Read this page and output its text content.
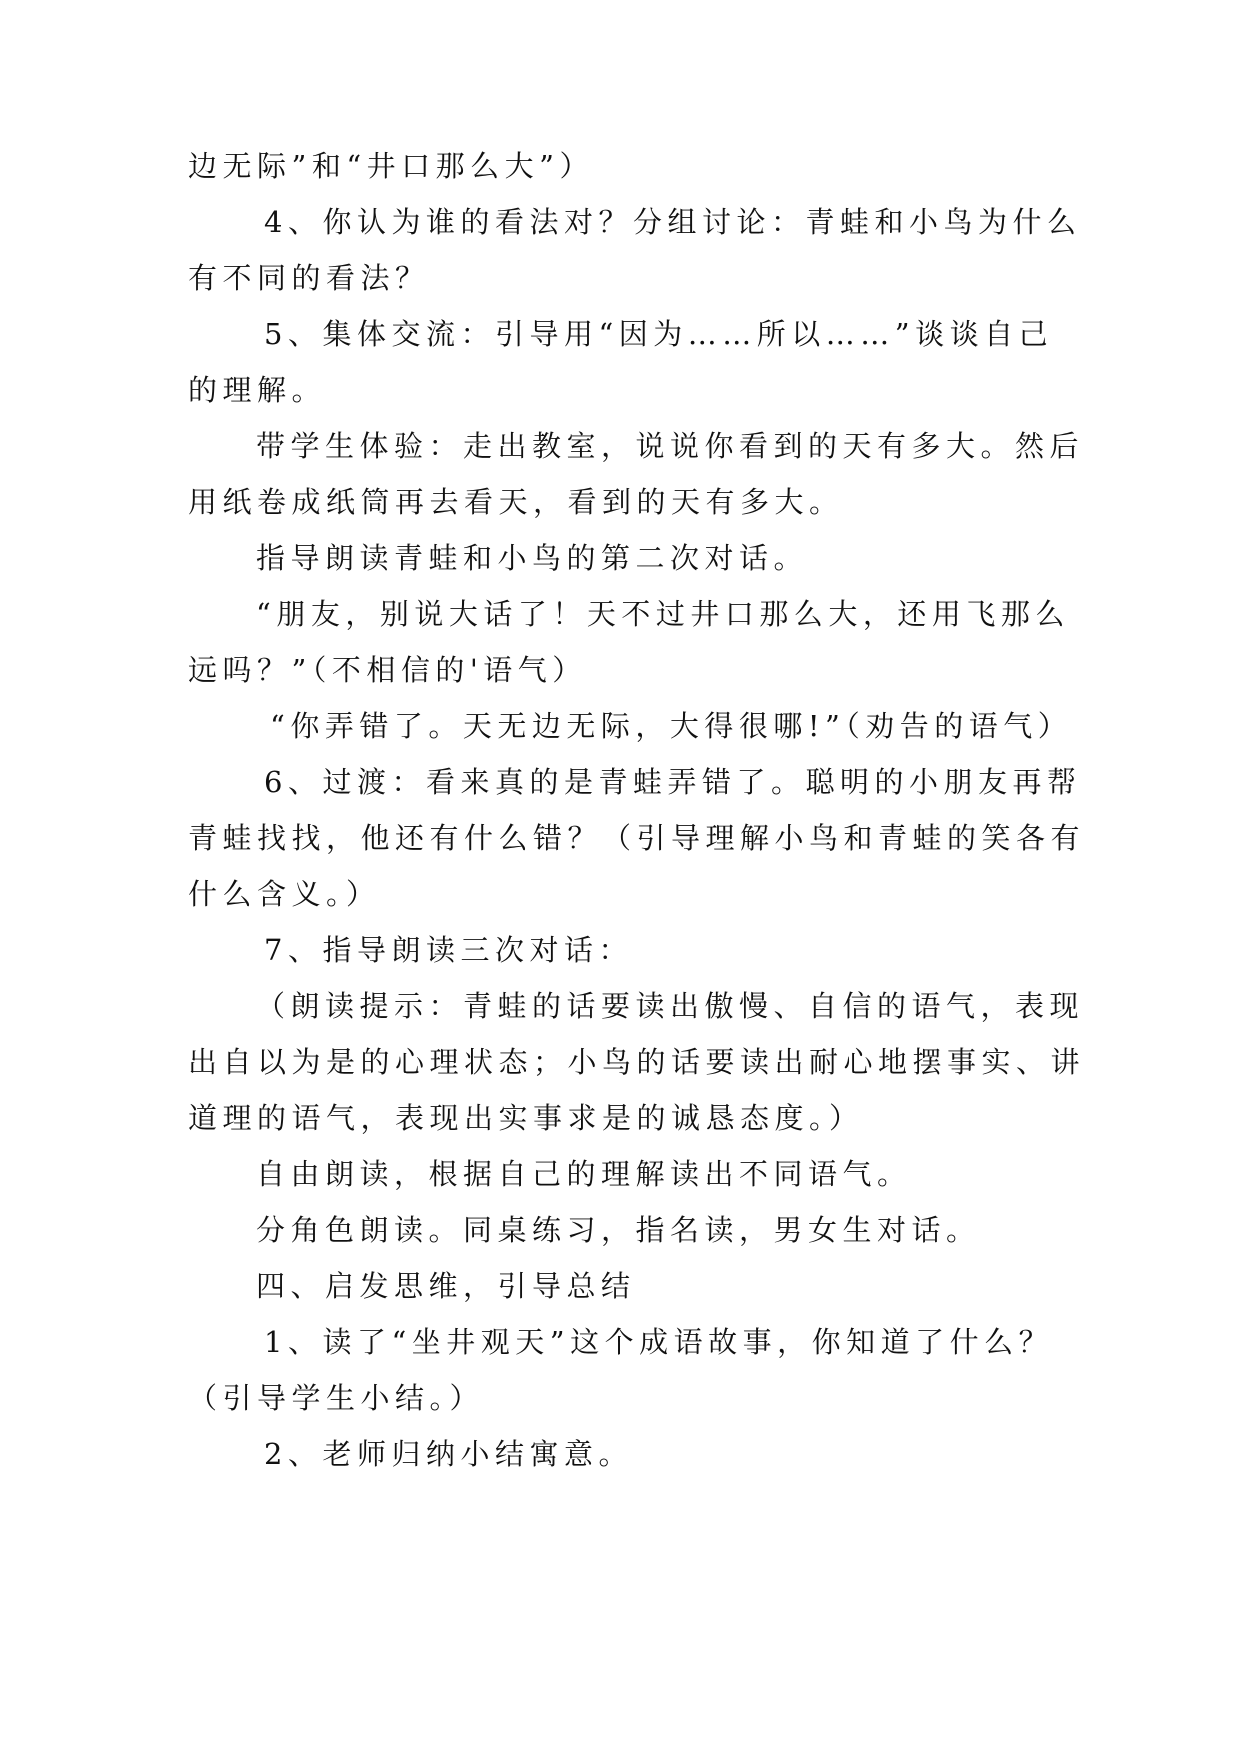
边无际”和“井口那么大”）
4、你认为谁的看法对？分组讨论：青蛙和小鸟为什么
有不同的看法？
5、集体交流：引导用“因为……所以……”谈谈自己
的理解。
带学生体验：走出教室，说说你看到的天有多大。然后
用纸卷成纸筒再去看天，看到的天有多大。
指导朗读青蛙和小鸟的第二次对话。
“朋友，别说大话了！天不过井口那么大，还用飞那么
远吗？”（不相信的'语气）
“你弄错了。天无边无际，大得很哪!”（劝告的语气）
6、过渡：看来真的是青蛙弄错了。聪明的小朋友再帮
青蛙找找，他还有什么错？（引导理解小鸟和青蛙的笑各有
什么含义。）
7、指导朗读三次对话：
（朗读提示：青蛙的话要读出傲慢、自信的语气，表现
出自以为是的心理状态；小鸟的话要读出耐心地摆事实、讲
道理的语气，表现出实事求是的诚恳态度。）
自由朗读，根据自己的理解读出不同语气。
分角色朗读。同桌练习，指名读，男女生对话。
四、启发思维，引导总结
1、读了“坐井观天”这个成语故事，你知道了什么？
（引导学生小结。）
2、老师归纳小结寓意。
